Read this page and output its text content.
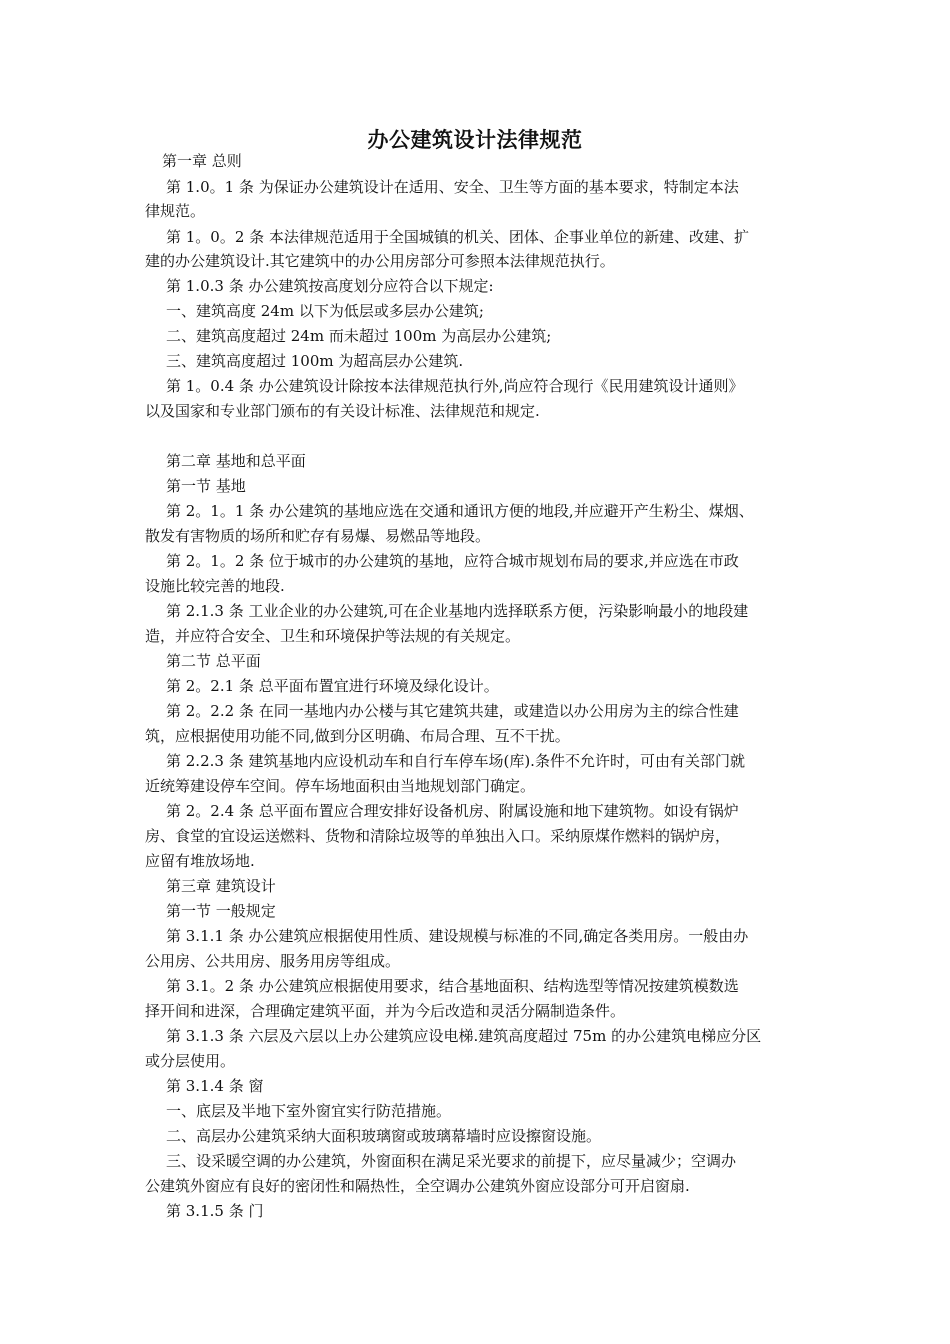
办公建筑设计法律规范
第一章 总则
第 1.0。1 条 为保证办公建筑设计在适用、安全、卫生等方面的基本要求，特制定本法
律规范。
第 1。0。2 条 本法律规范适用于全国城镇的机关、团体、企事业单位的新建、改建、扩
建的办公建筑设计.其它建筑中的办公用房部分可参照本法律规范执行。
第 1.0.3 条 办公建筑按高度划分应符合以下规定:
一、建筑高度 24m 以下为低层或多层办公建筑;
二、建筑高度超过 24m 而未超过 100m 为高层办公建筑;
三、建筑高度超过 100m 为超高层办公建筑.
第 1。0.4 条 办公建筑设计除按本法律规范执行外,尚应符合现行《民用建筑设计通则》
以及国家和专业部门颁布的有关设计标准、法律规范和规定.
第二章 基地和总平面
第一节 基地
第 2。1。1 条 办公建筑的基地应选在交通和通讯方便的地段,并应避开产生粉尘、煤烟、
散发有害物质的场所和贮存有易爆、易燃品等地段。
第 2。1。2 条 位于城市的办公建筑的基地，应符合城市规划布局的要求,并应选在市政
设施比较完善的地段.
第 2.1.3 条 工业企业的办公建筑,可在企业基地内选择联系方便，污染影响最小的地段建
造，并应符合安全、卫生和环境保护等法规的有关规定。
第二节 总平面
第 2。2.1 条 总平面布置宜进行环境及绿化设计。
第 2。2.2 条 在同一基地内办公楼与其它建筑共建，或建造以办公用房为主的综合性建
筑，应根据使用功能不同,做到分区明确、布局合理、互不干扰。
第 2.2.3 条 建筑基地内应设机动车和自行车停车场(库).条件不允许时，可由有关部门就
近统筹建设停车空间。停车场地面积由当地规划部门确定。
第 2。2.4 条 总平面布置应合理安排好设备机房、附属设施和地下建筑物。如设有锅炉
房、食堂的宜设运送燃料、货物和清除垃圾等的单独出入口。采纳原煤作燃料的锅炉房，
应留有堆放场地.
第三章 建筑设计
第一节 一般规定
第 3.1.1 条 办公建筑应根据使用性质、建设规模与标准的不同,确定各类用房。一般由办
公用房、公共用房、服务用房等组成。
第 3.1。2 条 办公建筑应根据使用要求，结合基地面积、结构选型等情况按建筑模数选
择开间和进深，合理确定建筑平面，并为今后改造和灵活分隔制造条件。
第 3.1.3 条 六层及六层以上办公建筑应设电梯.建筑高度超过 75m 的办公建筑电梯应分区
或分层使用。
第 3.1.4 条 窗
一、底层及半地下室外窗宜实行防范措施。
二、高层办公建筑采纳大面积玻璃窗或玻璃幕墙时应设擦窗设施。
三、设采暖空调的办公建筑，外窗面积在满足采光要求的前提下，应尽量减少；空调办
公建筑外窗应有良好的密闭性和隔热性，全空调办公建筑外窗应设部分可开启窗扇.
第 3.1.5 条 门
